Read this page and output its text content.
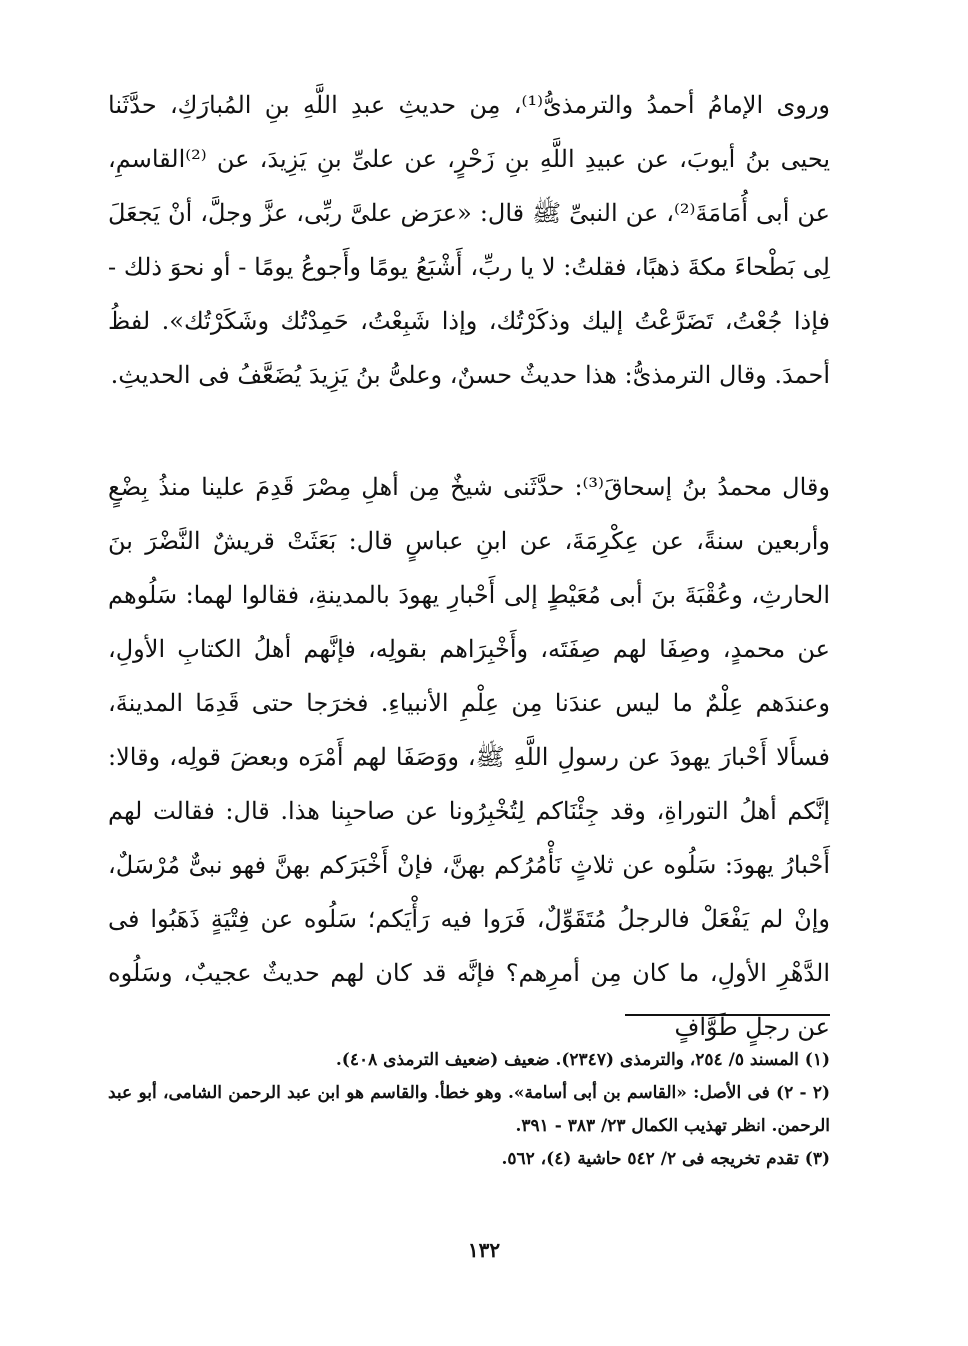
وروى الإمامُ أحمدُ والترمذىُّ⁽¹⁾، مِن حديثِ عبدِ اللَّهِ بنِ المُبارَكِ، حدَّثَنا يحيى بنُ أيوبَ، عن عبيدِ اللَّهِ بنِ زَحْرٍ، عن علىِّ بنِ يَزِيدَ، عن ⁽²⁾القاسمِ، عن أبى أُمَامَةَ⁽²⁾، عن النبىِّ ﷺ قال: «عرَض علىَّ ربِّى، عزَّ وجلَّ، أنْ يَجعَلَ لِى بَطْحاءَ مكةَ ذهبًا، فقلتُ: لا يا ربِّ، أَشْبَعُ يومًا وأَجوعُ يومًا - أو نحوَ ذلك - فإذا جُعْتُ، تَضَرَّعْتُ إليك وذكَرْتُك، وإذا شَبِعْتُ، حَمِدْتُك وشَكَرْتُك». لفظُ أحمدَ. وقال الترمذىُّ: هذا حديثٌ حسنٌ، وعلىُّ بنُ يَزِيدَ يُضَعَّفُ فى الحديثِ.

وقال محمدُ بنُ إسحاقَ⁽³⁾: حدَّثَنى شيخٌ مِن أهلِ مِصْرَ قَدِمَ علينا منذُ بِضْعٍ وأربعين سنةً، عن عِكْرِمَةَ، عن ابنِ عباسٍ قال: بَعَثَتْ قريشٌ النَّضْرَ بنَ الحارثِ، وعُقْبَةَ بنَ أبى مُعَيْطٍ إلى أَحْبارِ يهودَ بالمدينةِ، فقالوا لهما: سَلُوهم عن محمدٍ، وصِفَا لهم صِفَتَه، وأَخْبِرَاهم بقولِه، فإنَّهم أهلُ الكتابِ الأولِ، وعندَهم عِلْمٌ ما ليس عندَنا مِن عِلْمِ الأنبياءِ. فخرَجا حتى قَدِمَا المدينةَ، فسأَلا أَحْبارَ يهودَ عن رسولِ اللَّهِ ﷺ، ووَصَفَا لهم أَمْرَه وبعضَ قولِه، وقالا: إنَّكم أهلُ التوراةِ، وقد جِئْنَاكم لِتُخْبِرُونا عن صاحبِنا هذا. قال: فقالت لهم أَحْبارُ يهودَ: سَلُوه عن ثلاثٍ نَأْمُرُكم بهنَّ، فإنْ أَخْبَرَكم بهنَّ فهو نبىٌّ مُرْسَلٌ، وإنْ لم يَفْعَلْ فالرجلُ مُتَقَوِّلٌ، فَرَوا فيه رَأْيَكم؛ سَلُوه عن فِتْيَةٍ ذَهَبُوا فى الدَّهْرِ الأولِ، ما كان مِن أمرِهم؟ فإنَّه قد كان لهم حديثٌ عجيبٌ، وسَلُوه عن رجلٍ طَوَّافٍ

(١) المسند ٥/ ٢٥٤، والترمذى (٢٣٤٧). ضعيف (ضعيف الترمذى ٤٠٨).

(٢ - ٢) فى الأصل: «القاسم بن أبى أسامة». وهو خطأ. والقاسم هو ابن عبد الرحمن الشامى، أبو عبد الرحمن. انظر تهذيب الكمال ٢٣/ ٣٨٣ - ٣٩١.

(٣) تقدم تخريجه فى ٢/ ٥٤٢ حاشية (٤)، ٥٦٢.

١٣٢
